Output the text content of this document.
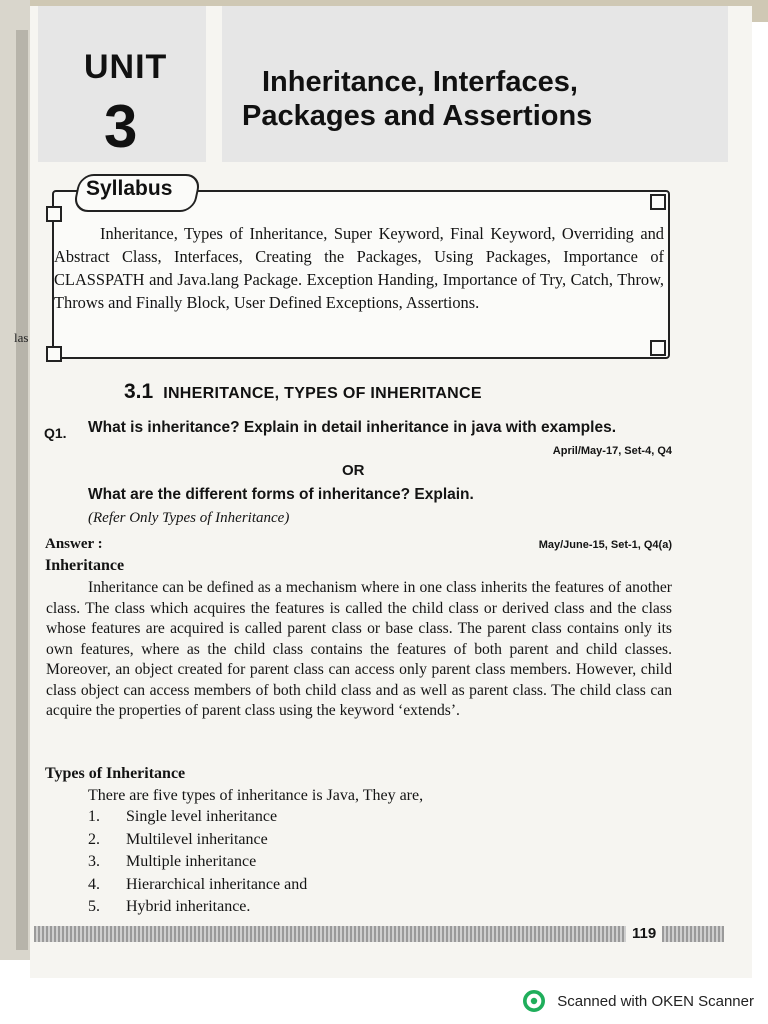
las
UNIT
3
Inheritance, Interfaces,
Packages and Assertions
Syllabus
Inheritance, Types of Inheritance, Super Keyword, Final Keyword, Overriding and Abstract Class, Interfaces, Creating the Packages, Using Packages, Importance of CLASSPATH and Java.lang Package. Exception Handing, Importance of Try, Catch, Throw, Throws and Finally Block, User Defined Exceptions, Assertions.
3.1 INHERITANCE, TYPES OF INHERITANCE
Q1. What is inheritance? Explain in detail inheritance in java with examples.
April/May-17, Set-4, Q4
OR
What are the different forms of inheritance? Explain.
(Refer Only Types of Inheritance)
Answer :	May/June-15, Set-1, Q4(a)
Inheritance
Inheritance can be defined as a mechanism where in one class inherits the features of another class. The class which acquires the features is called the child class or derived class and the class whose features are acquired is called parent class or base class. The parent class contains only its own features, where as the child class contains the features of both parent and child classes. Moreover, an object created for parent class can access only parent class members. However, child class object can access members of both child class and as well as parent class. The child class can acquire the properties of parent class using the keyword ‘extends’.
Types of Inheritance
There are five types of inheritance is Java, They are,
1.	Single level inheritance
2.	Multilevel inheritance
3.	Multiple inheritance
4.	Hierarchical inheritance and
5.	Hybrid inheritance.
119
Scanned with OKEN Scanner
